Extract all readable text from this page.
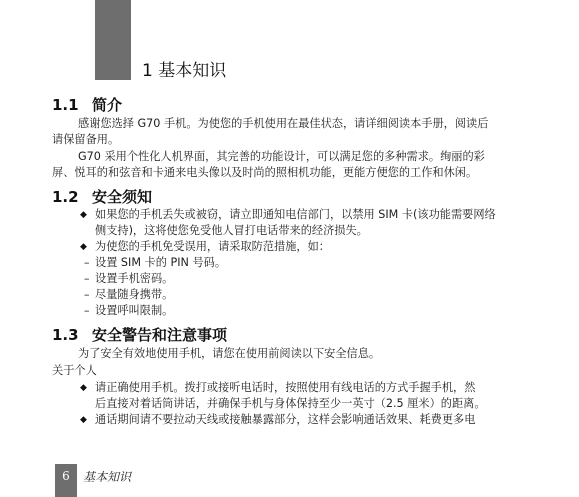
1 基本知识
1.1 简介
感谢您选择 G70 手机。为使您的手机使用在最佳状态，请详细阅读本手册，阅读后
请保留备用。
G70 采用个性化人机界面，其完善的功能设计，可以满足您的多种需求。绚丽的彩
屏、悦耳的和弦音和卡通来电头像以及时尚的照相机功能，更能方便您的工作和休闲。
1.2 安全须知
◆ 如果您的手机丢失或被窃，请立即通知电信部门，以禁用 SIM 卡(该功能需要网络
侧支持)，这将使您免受他人冒打电话带来的经济损失。
◆ 为使您的手机免受误用，请采取防范措施，如：
– 设置 SIM 卡的 PIN 号码。
– 设置手机密码。
– 尽量随身携带。
– 设置呼叫限制。
1.3 安全警告和注意事项
为了安全有效地使用手机，请您在使用前阅读以下安全信息。
关于个人
◆ 请正确使用手机。拨打或接听电话时，按照使用有线电话的方式手握手机，然
后直接对着话筒讲话，并确保手机与身体保持至少一英寸（2.5 厘米）的距离。
◆ 通话期间请不要拉动天线或接触暴露部分，这样会影响通话效果、耗费更多电
6	基本知识
